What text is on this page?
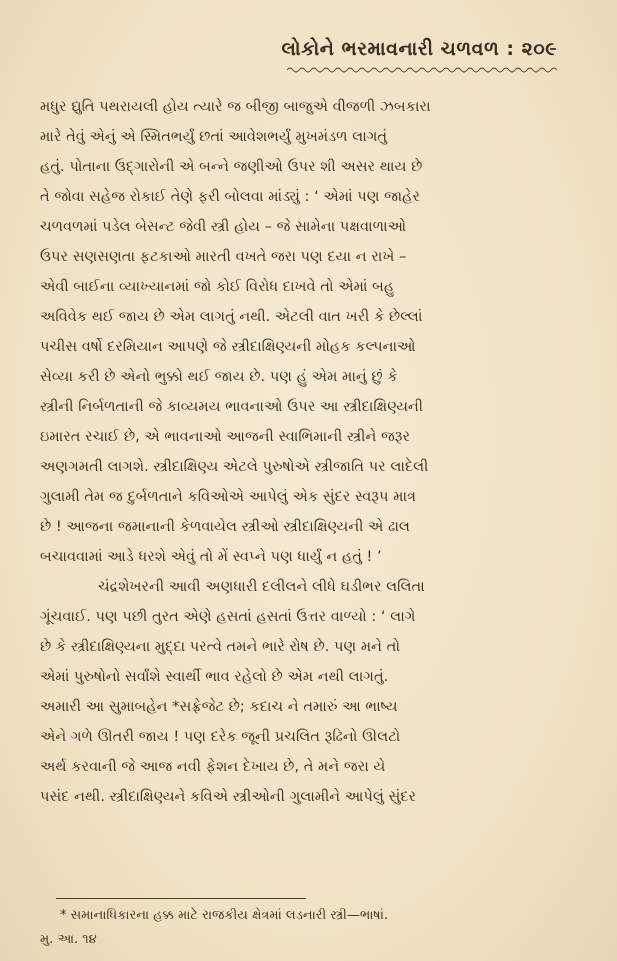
લોકોને ભરમાવનારી ચળવળ : ૨૦૯
મધુર દ્યુતિ પથરાયલી હોય ત્યારે જ બીજી બાજુએ વીજળી ઝબકારા
મારે તેવું એનું એ સ્મિતભર્યું છતાં આવેશભર્યું મુખમંડળ લાગતું
હતું. પોતાના ઉદ્ગારોની એ બન્ને જણીઓ ઉપર શી અસર થાય છે
તે જોવા સહેજ રોકાઈ તેણે ફરી બોલવા માંડ્યું : ‘ એમાં પણ જાહેર
ચળવળમાં પડેલ બેસન્ટ જેવી સ્ત્રી હોય – જે સામેના પક્ષવાળાઓ
ઉપર સણસણતા ફટકાઓ મારતી વખતે જરા પણ દયા ન રાખે –
એવી બાઈના વ્યાખ્યાનમાં જો કોઈ વિરોધ દાખવે તો એમાં બહુ
અવિવેક થઈ જાય છે એમ લાગતું નથી. એટલી વાત ખરી કે છેલ્લાં
પચીસ વર્ષો દરમિયાન આપણે જે સ્ત્રીદાક્ષિણ્યની મોહક કલ્પનાઓ
સેવ્યા કરી છે એનો ભુક્કો થઈ જાય છે. પણ હું એમ માનું છું કે
સ્ત્રીની નિર્બળતાની જે કાવ્યમય ભાવનાઓ ઉપર આ સ્ત્રીદાક્ષિણ્યની
ઇમારત રચાઈ છે, એ ભાવનાઓ આજની સ્વાભિમાની સ્ત્રીને જરૂર
અણગમતી લાગશે. સ્ત્રીદાક્ષિણ્ય એટલે પુરુષોએ સ્ત્રીજાતિ પર લાદેલી
ગુલામી તેમ જ દુર્બળતાને કવિઓએ આપેલું એક સુંદર સ્વરૂપ માત્ર
છે ! આજના જમાનાની કેળવાયેલ સ્ત્રીઓ સ્ત્રીદાક્ષિણ્યની એ ઢાલ
બચાવવામાં આડે ધરશે એવું તો મેં સ્વપ્ને પણ ધાર્યું ન હતું ! ’
ચંદ્રશેખરની આવી અણધારી દલીલને લીધે ઘડીભર લલિતા
ગૂંચવાઈ. પણ પછી તુરત એણે હસતાં હસતાં ઉત્તર વાળ્યો : ‘ લાગે
છે કે સ્ત્રીદાક્ષિણ્યના મુદ્દા પરત્વે તમને ભારે રોષ છે. પણ મને તો
એમાં પુરુષોનો સર્વાંશે સ્વાર્થી ભાવ રહેલો છે એમ નથી લાગતું.
અમારી આ સુમાબહેન *સફ્રેજેટ છે; કદાચ ને તમારું આ ભાષ્ય
એને ગળે ઊતરી જાય ! પણ દરેક જૂની પ્રચલિત રૂઢિનો ઊલટો
અર્થ કરવાની જે આજ નવી ફેશન દેખાય છે, તે મને જરા યે
પસંદ નથી. સ્ત્રીદાક્ષિણ્યને કવિએ સ્ત્રીઓની ગુલામીને આપેલું સુંદર
* સમાનાધિકારના હક્ક માટે રાજકીય ક્ષેત્રમાં લડનારી સ્ત્રી—ભાષાં.
મુ. આ. ૧૪
